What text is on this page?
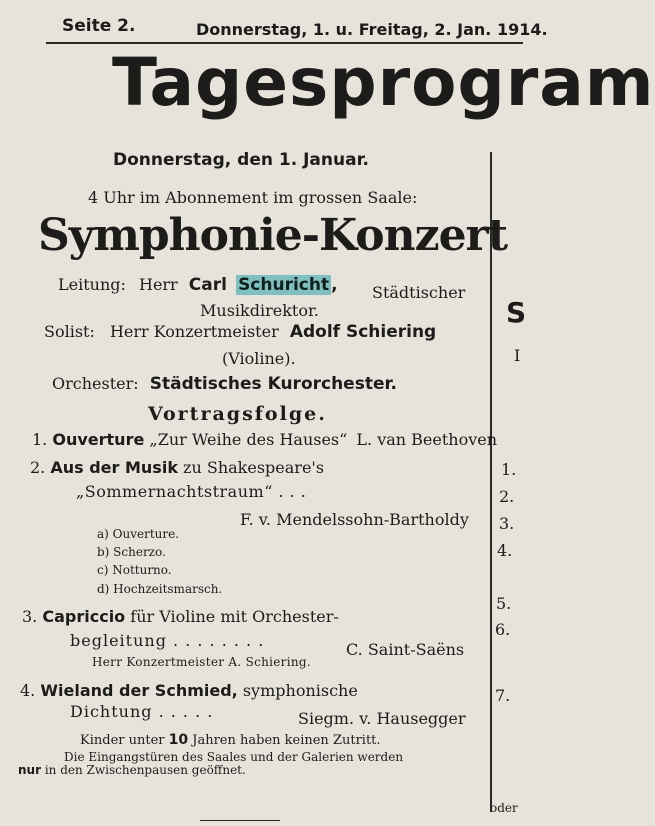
Seite 2.	Donnerstag, 1. u. Freitag, 2. Jan. 1914.
Tagesprogram
Donnerstag, den 1. Januar.
4 Uhr im Abonnement im grossen Saale:
Symphonie-Konzert
Leitung: Herr Carl Schuricht , Städtischer
Musikdirektor.
Solist: Herr Konzertmeister Adolf Schiering
(Violine).
Orchester: Städtisches Kurorchester.
Vortragsfolge.
1. Ouverture „Zur Weihe des Hauses“ L. van Beethoven
2. Aus der Musik zu Shakespeare's
„Sommernachtstraum“ . . .
F. v. Mendelssohn-Bartholdy
a) Ouverture.
b) Scherzo.
c) Notturno.
d) Hochzeitsmarsch.
3. Capriccio für Violine mit Orchester-
begleitung . . . . . . . .	C. Saint-Saëns
Herr Konzertmeister A. Schiering.
4. Wieland der Schmied, symphonische
Dichtung . . . . .	Siegm. v. Hausegger
Kinder unter 10 Jahren haben keinen Zutritt.
Die Eingangstüren des Saales und der Galerien werden
nur in den Zwischenpausen geöffnet.
S
I
1.
2.
3.
4.
5.
6.
7.
oder
